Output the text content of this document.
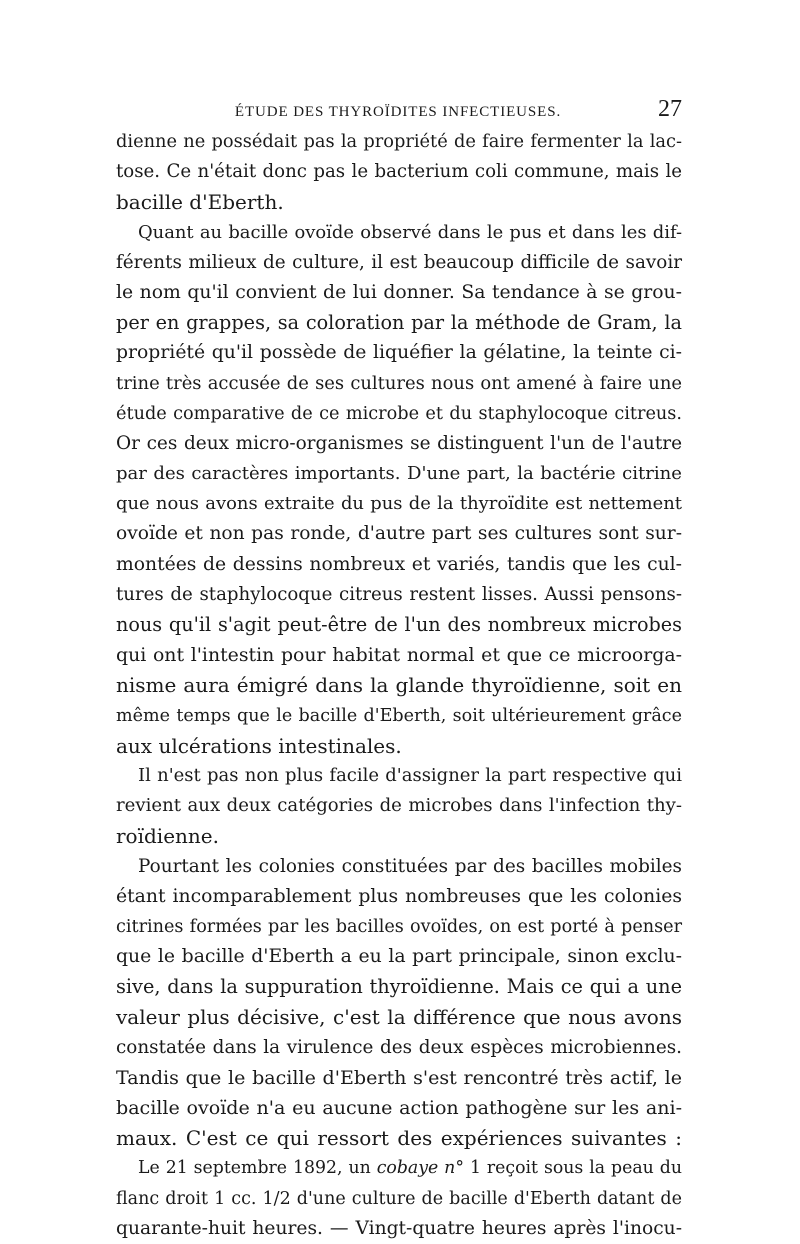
ÉTUDE DES THYROÏDITES INFECTIEUSES.	27
dienne ne possédait pas la propriété de faire fermenter la lac-
tose. Ce n'était donc pas le bacterium coli commune, mais le
bacille d'Eberth.
Quant au bacille ovoïde observé dans le pus et dans les dif-
férents milieux de culture, il est beaucoup difficile de savoir
le nom qu'il convient de lui donner. Sa tendance à se grou-
per en grappes, sa coloration par la méthode de Gram, la
propriété qu'il possède de liquéfier la gélatine, la teinte ci-
trine très accusée de ses cultures nous ont amené à faire une
étude comparative de ce microbe et du staphylocoque citreus.
Or ces deux micro-organismes se distinguent l'un de l'autre
par des caractères importants. D'une part, la bactérie citrine
que nous avons extraite du pus de la thyroïdite est nettement
ovoïde et non pas ronde, d'autre part ses cultures sont sur-
montées de dessins nombreux et variés, tandis que les cul-
tures de staphylocoque citreus restent lisses. Aussi pensons-
nous qu'il s'agit peut-être de l'un des nombreux microbes
qui ont l'intestin pour habitat normal et que ce microorga-
nisme aura émigré dans la glande thyroïdienne, soit en
même temps que le bacille d'Eberth, soit ultérieurement grâce
aux ulcérations intestinales.
Il n'est pas non plus facile d'assigner la part respective qui
revient aux deux catégories de microbes dans l'infection thy-
roïdienne.
Pourtant les colonies constituées par des bacilles mobiles
étant incomparablement plus nombreuses que les colonies
citrines formées par les bacilles ovoïdes, on est porté à penser
que le bacille d'Eberth a eu la part principale, sinon exclu-
sive, dans la suppuration thyroïdienne. Mais ce qui a une
valeur plus décisive, c'est la différence que nous avons
constatée dans la virulence des deux espèces microbiennes.
Tandis que le bacille d'Eberth s'est rencontré très actif, le
bacille ovoïde n'a eu aucune action pathogène sur les ani-
maux. C'est ce qui ressort des expériences suivantes :
Le 21 septembre 1892, un cobaye n° 1 reçoit sous la peau du
flanc droit 1 cc. 1/2 d'une culture de bacille d'Eberth datant de
quarante-huit heures. — Vingt-quatre heures après l'inocu-
